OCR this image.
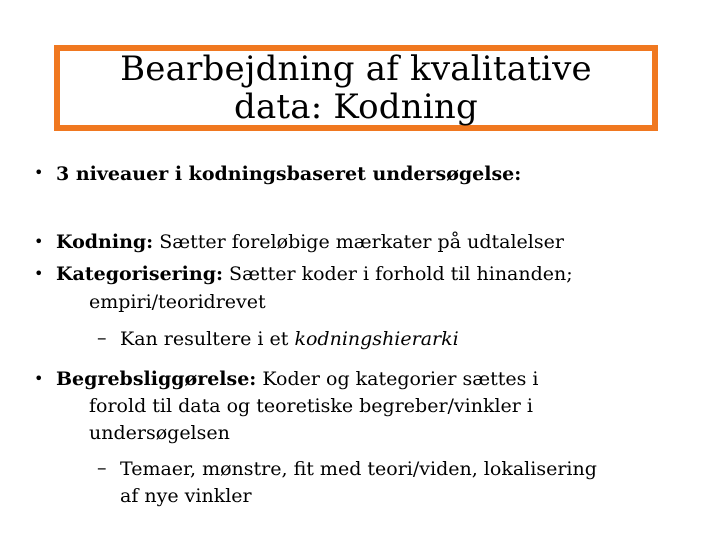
Bearbejdning af kvalitative
data: Kodning
• 3 niveauer i kodningsbaseret undersøgelse:
• Kodning: Sætter foreløbige mærkater på udtalelser
• Kategorisering: Sætter koder i forhold til hinanden;
empiri/teoridrevet
– Kan resultere i et kodningshierarki
• Begrebsliggørelse: Koder og kategorier sættes i
forold til data og teoretiske begreber/vinkler i
undersøgelsen
– Temaer, mønstre, fit med teori/viden, lokalisering
af nye vinkler
